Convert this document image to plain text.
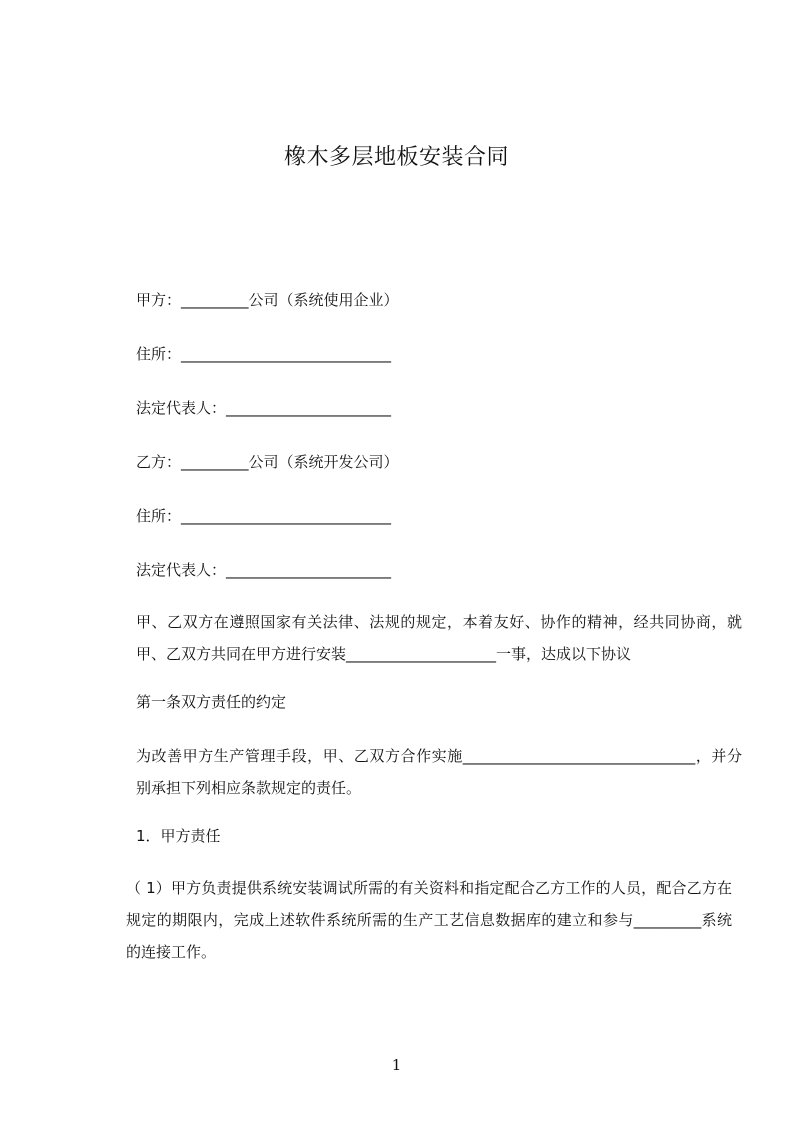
橡木多层地板安装合同
甲方：_________公司（系统使用企业）
住所：____________________________
法定代表人：______________________
乙方：_________公司（系统开发公司）
住所：____________________________
法定代表人：______________________
甲、乙双方在遵照国家有关法律、法规的规定，本着友好、协作的精神，经共同协商，就甲、乙双方共同在甲方进行安装____________________一事，达成以下协议
第一条双方责任的约定
为改善甲方生产管理手段，甲、乙双方合作实施_______________________________，并分别承担下列相应条款规定的责任。
1．甲方责任
（ 1）甲方负责提供系统安装调试所需的有关资料和指定配合乙方工作的人员，配合乙方在规定的期限内，完成上述软件系统所需的生产工艺信息数据库的建立和参与_________系统的连接工作。
1
